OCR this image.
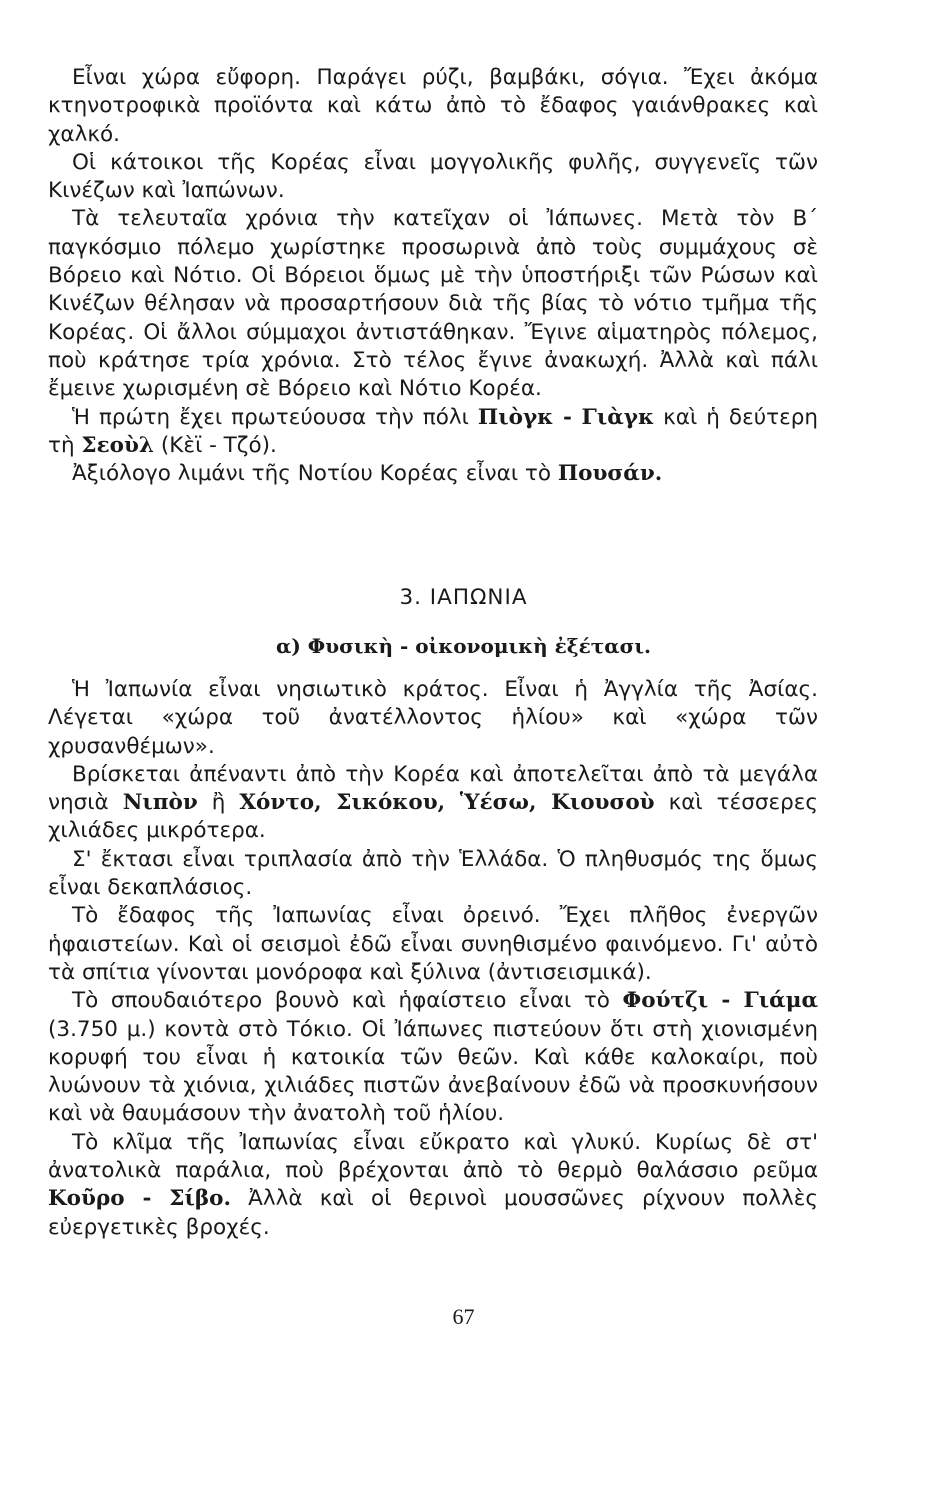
Εἶναι χώρα εὔφορη. Παράγει ρύζι, βαμβάκι, σόγια. Ἔχει ἀκόμα κτηνοτροφικὰ προϊόντα καὶ κάτω ἀπὸ τὸ ἔδαφος γαιάνθρακες καὶ χαλκό.

Οἱ κάτοικοι τῆς Κορέας εἶναι μογγολικῆς φυλῆς, συγγενεῖς τῶν Κινέζων καὶ Ἰαπώνων.

Τὰ τελευταῖα χρόνια τὴν κατεῖχαν οἱ Ἰάπωνες. Μετὰ τὸν Β΄ παγκόσμιο πόλεμο χωρίστηκε προσωρινὰ ἀπὸ τοὺς συμμάχους σὲ Βόρειο καὶ Νότιο. Οἱ Βόρειοι ὅμως μὲ τὴν ὑποστήριξι τῶν Ρώσων καὶ Κινέζων θέλησαν νὰ προσαρτήσουν διὰ τῆς βίας τὸ νότιο τμῆμα τῆς Κορέας. Οἱ ἄλλοι σύμμαχοι ἀντιστάθηκαν. Ἔγινε αἱματηρὸς πόλεμος, ποὺ κράτησε τρία χρόνια. Στὸ τέλος ἔγινε ἀνακωχή. Ἀλλὰ καὶ πάλι ἔμεινε χωρισμένη σὲ Βόρειο καὶ Νότιο Κορέα.

Ἡ πρώτη ἔχει πρωτεύουσα τὴν πόλι Πιὸγκ - Γιὰγκ καὶ ἡ δεύτερη τὴ Σεοὺλ (Κὲϊ - Τζό).

Ἀξιόλογο λιμάνι τῆς Νοτίου Κορέας εἶναι τὸ Πουσάν.

3. ΙΑΠΩΝΙΑ
α) Φυσικὴ - οἰκονομικὴ ἐξέτασι.

Ἡ Ἰαπωνία εἶναι νησιωτικὸ κράτος. Εἶναι ἡ Ἀγγλία τῆς Ἀσίας. Λέγεται «χώρα τοῦ ἀνατέλλοντος ἡλίου» καὶ «χώρα τῶν χρυσανθέμων».

Βρίσκεται ἀπέναντι ἀπὸ τὴν Κορέα καὶ ἀποτελεῖται ἀπὸ τὰ μεγάλα νησιὰ Νιπὸν ἢ Χόντο, Σικόκου, Ὑέσω, Κιουσοὺ καὶ τέσσερες χιλιάδες μικρότερα.

Σ' ἔκτασι εἶναι τριπλασία ἀπὸ τὴν Ἑλλάδα. Ὁ πληθυσμός της ὅμως εἶναι δεκαπλάσιος.

Τὸ ἔδαφος τῆς Ἰαπωνίας εἶναι ὀρεινό. Ἔχει πλῆθος ἐνεργῶν ἡφαιστείων. Καὶ οἱ σεισμοὶ ἐδῶ εἶναι συνηθισμένο φαινόμενο. Γι' αὐτὸ τὰ σπίτια γίνονται μονόροφα καὶ ξύλινα (ἀντισεισμικά).

Τὸ σπουδαιότερο βουνὸ καὶ ἡφαίστειο εἶναι τὸ Φούτζι - Γιάμα (3.750 μ.) κοντὰ στὸ Τόκιο. Οἱ Ἰάπωνες πιστεύουν ὅτι στὴ χιονισμένη κορυφή του εἶναι ἡ κατοικία τῶν θεῶν. Καὶ κάθε καλοκαίρι, ποὺ λυώνουν τὰ χιόνια, χιλιάδες πιστῶν ἀνεβαίνουν ἐδῶ νὰ προσκυνήσουν καὶ νὰ θαυμάσουν τὴν ἀνατολὴ τοῦ ἡλίου.

Τὸ κλῖμα τῆς Ἰαπωνίας εἶναι εὔκρατο καὶ γλυκύ. Κυρίως δὲ στ' ἀνατολικὰ παράλια, ποὺ βρέχονται ἀπὸ τὸ θερμὸ θαλάσσιο ρεῦμα Κοῦρο - Σίβο. Ἀλλὰ καὶ οἱ θερινοὶ μουσσῶνες ρίχνουν πολλὲς εὐεργετικὲς βροχές.

67
